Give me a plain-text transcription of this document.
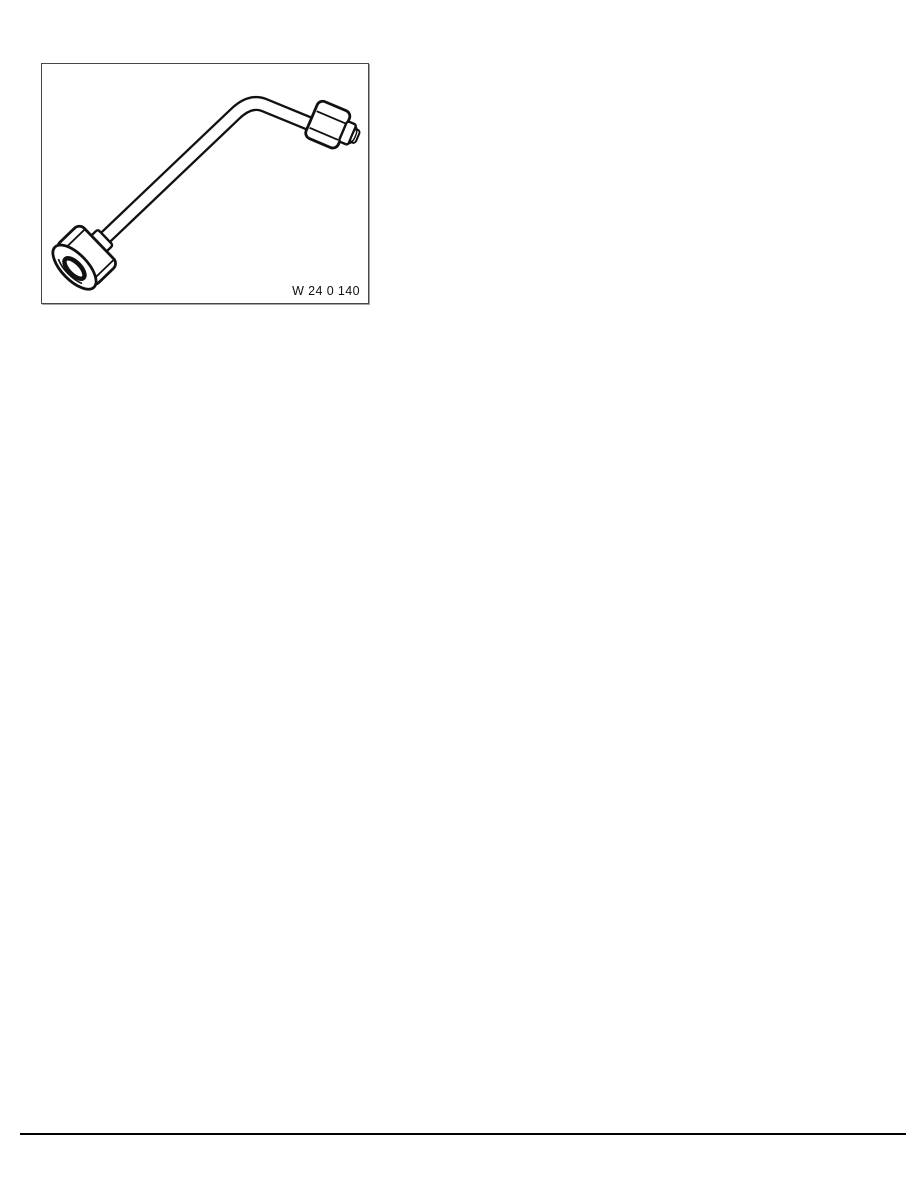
W 24 0 140
